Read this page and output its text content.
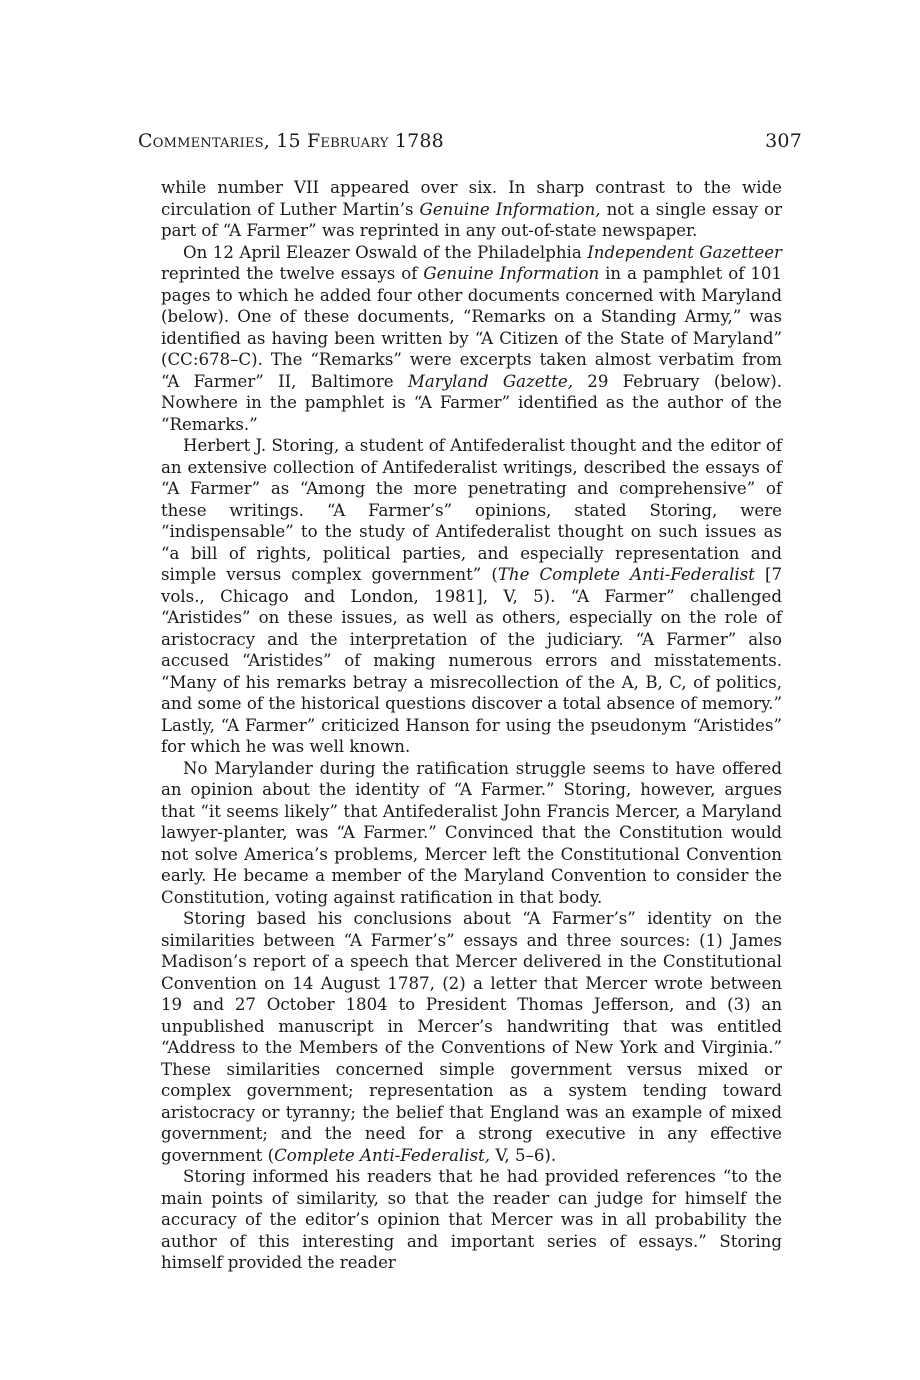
Commentaries, 15 February 1788	307

while number VII appeared over six. In sharp contrast to the wide circulation of Luther Martin’s Genuine Information, not a single essay or part of “A Farmer” was reprinted in any out-of-state newspaper.

On 12 April Eleazer Oswald of the Philadelphia Independent Gazetteer reprinted the twelve essays of Genuine Information in a pamphlet of 101 pages to which he added four other documents concerned with Maryland (below). One of these documents, “Remarks on a Standing Army,” was identified as having been written by “A Citizen of the State of Maryland” (CC:678–C). The “Remarks” were excerpts taken almost verbatim from “A Farmer” II, Baltimore Maryland Gazette, 29 February (below). Nowhere in the pamphlet is “A Farmer” identified as the author of the “Remarks.”

Herbert J. Storing, a student of Antifederalist thought and the editor of an extensive collection of Antifederalist writings, described the essays of “A Farmer” as “Among the more penetrating and comprehensive” of these writings. “A Farmer’s” opinions, stated Storing, were “indispensable” to the study of Antifederalist thought on such issues as “a bill of rights, political parties, and especially representation and simple versus complex government” (The Complete Anti-Federalist [7 vols., Chicago and London, 1981], V, 5). “A Farmer” challenged “Aristides” on these issues, as well as others, especially on the role of aristocracy and the interpretation of the judiciary. “A Farmer” also accused “Aristides” of making numerous errors and misstatements. “Many of his remarks betray a misrecollection of the A, B, C, of politics, and some of the historical questions discover a total absence of memory.” Lastly, “A Farmer” criticized Hanson for using the pseudonym “Aristides” for which he was well known.

No Marylander during the ratification struggle seems to have offered an opinion about the identity of “A Farmer.” Storing, however, argues that “it seems likely” that Antifederalist John Francis Mercer, a Maryland lawyer-planter, was “A Farmer.” Convinced that the Constitution would not solve America’s problems, Mercer left the Constitutional Convention early. He became a member of the Maryland Convention to consider the Constitution, voting against ratification in that body.

Storing based his conclusions about “A Farmer’s” identity on the similarities between “A Farmer’s” essays and three sources: (1) James Madison’s report of a speech that Mercer delivered in the Constitutional Convention on 14 August 1787, (2) a letter that Mercer wrote between 19 and 27 October 1804 to President Thomas Jefferson, and (3) an unpublished manuscript in Mercer’s handwriting that was entitled “Address to the Members of the Conventions of New York and Virginia.” These similarities concerned simple government versus mixed or complex government; representation as a system tending toward aristocracy or tyranny; the belief that England was an example of mixed government; and the need for a strong executive in any effective government (Complete Anti-Federalist, V, 5–6).

Storing informed his readers that he had provided references “to the main points of similarity, so that the reader can judge for himself the accuracy of the editor’s opinion that Mercer was in all probability the author of this interesting and important series of essays.” Storing himself provided the reader
